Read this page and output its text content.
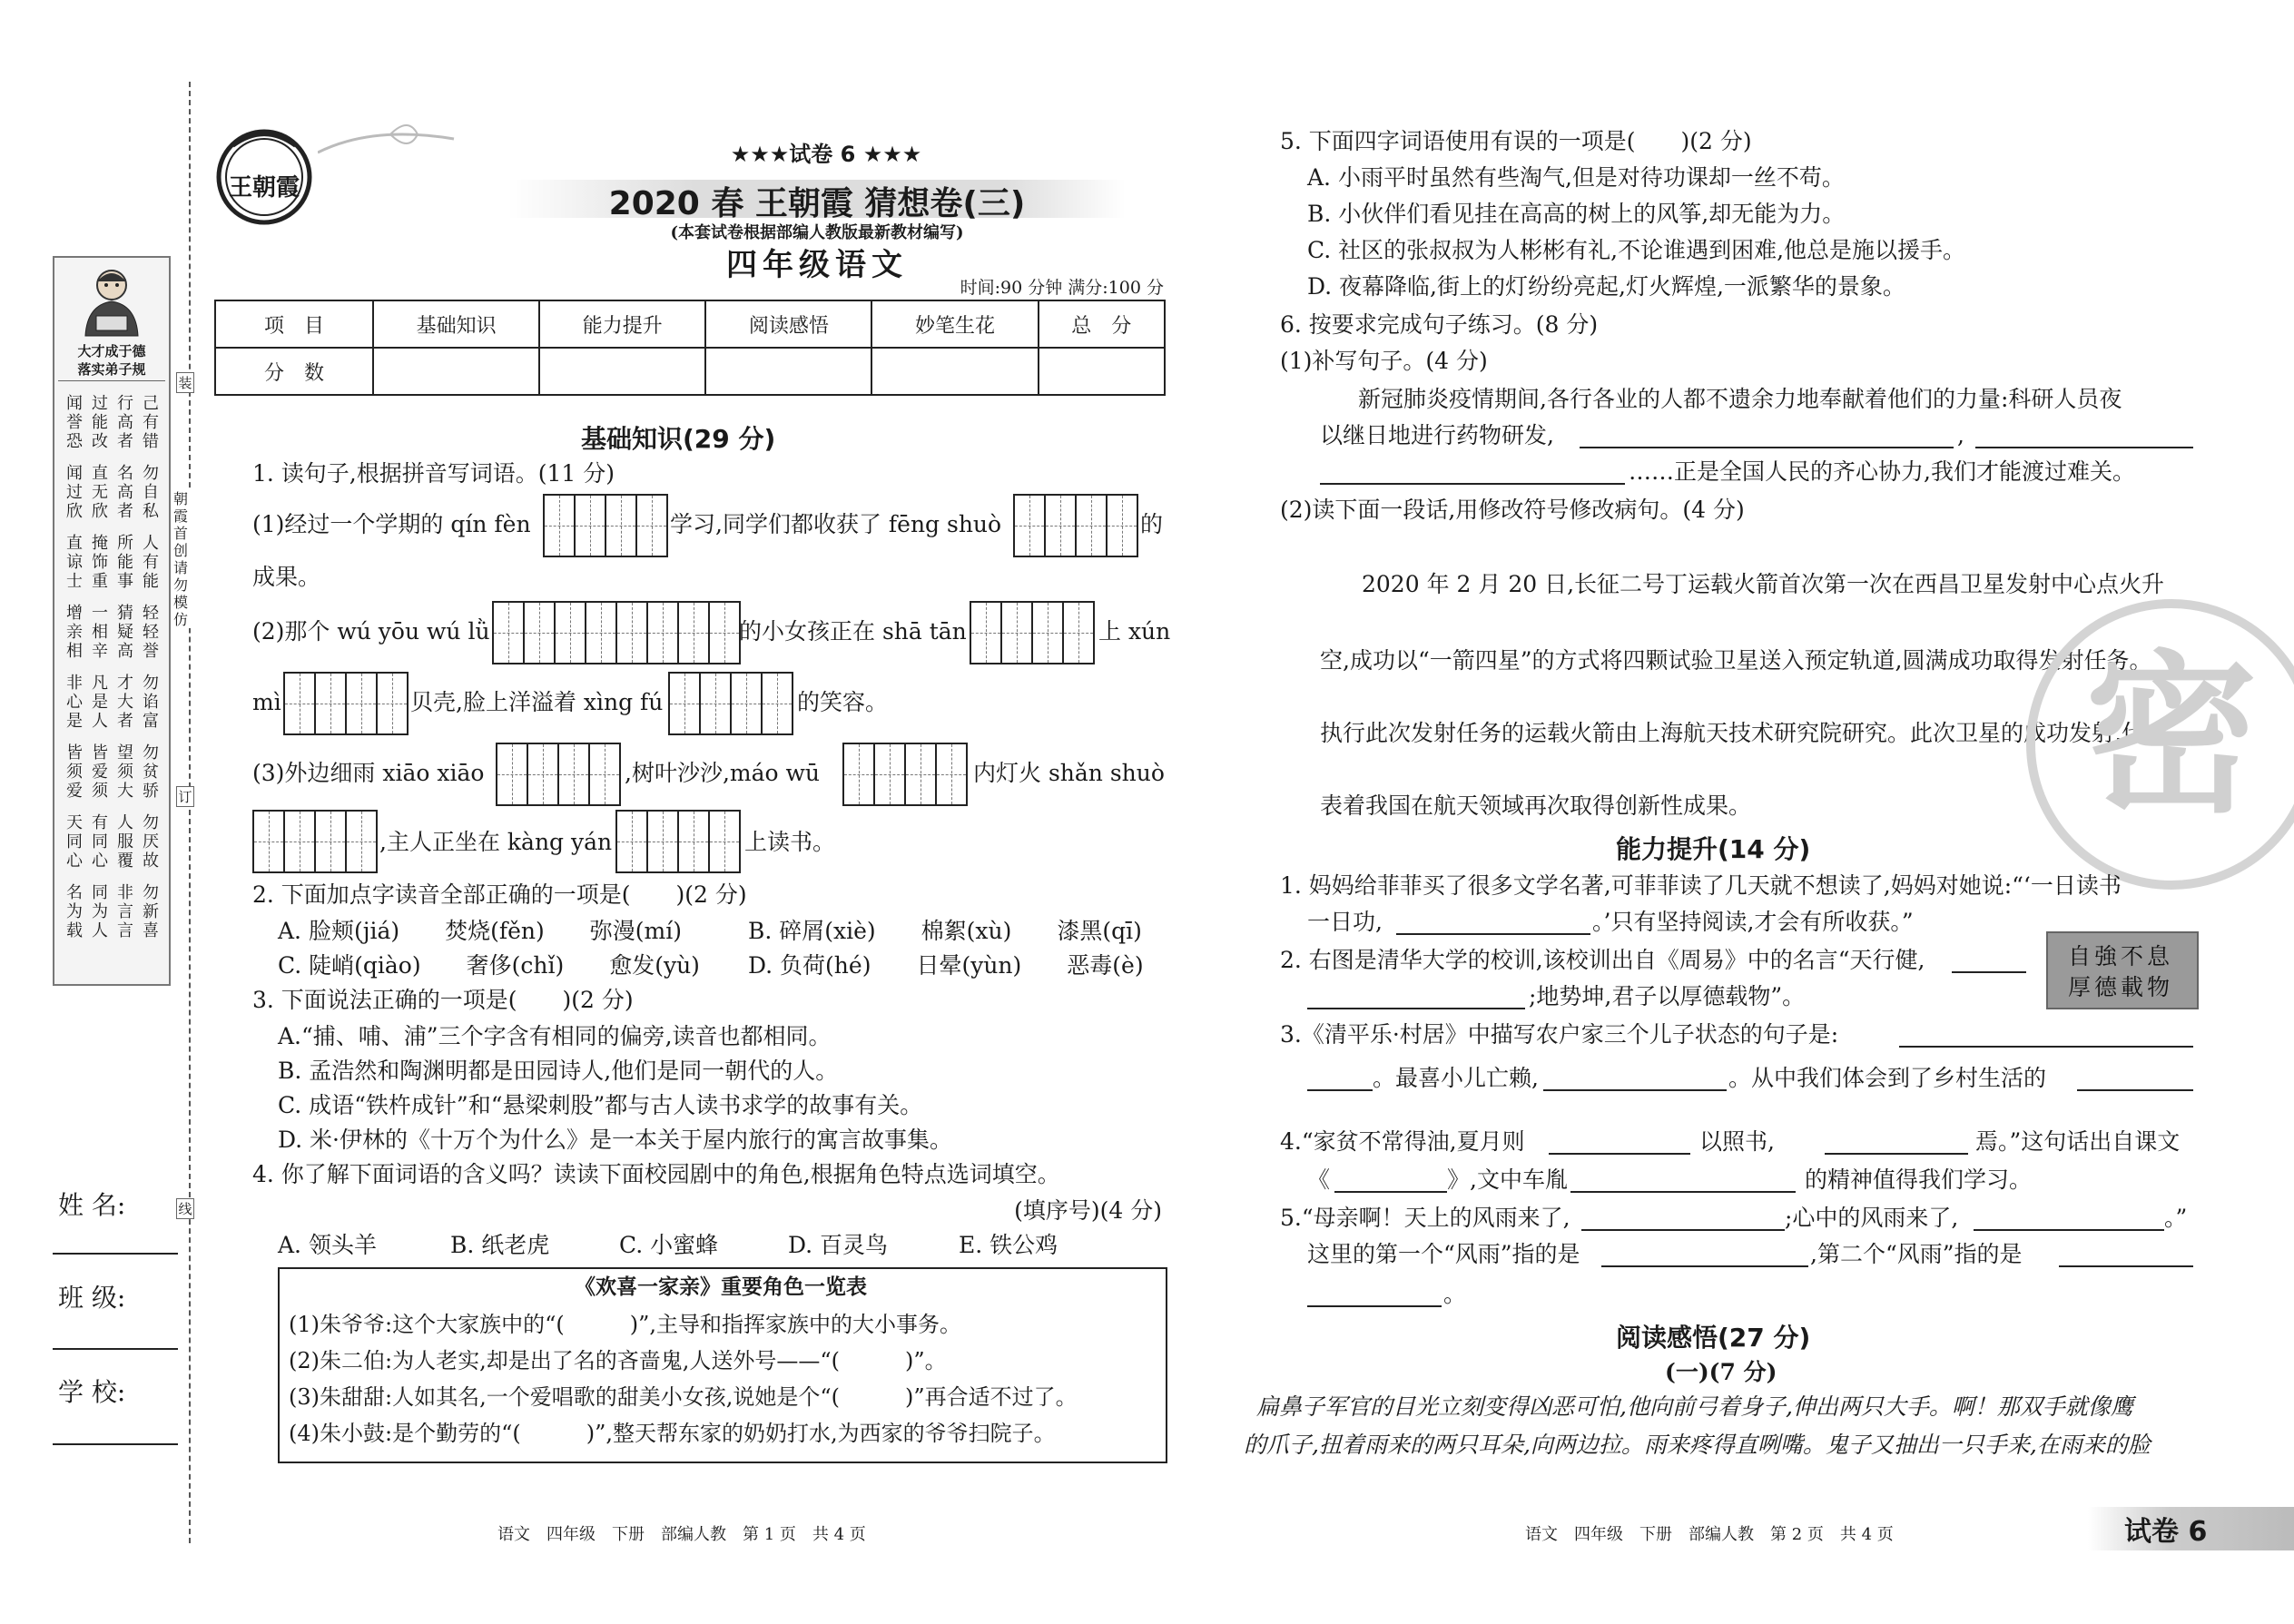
大才成于德
落实弟子规
闻誉恐
过能改
行高者
己有错
闻过欣
直无欣
名高者
勿自私
直谅士
掩饰重
所能事
人有能
增亲相
一相辛
猜疑高
轻轻誉
非心是
凡是人
才大者
勿谄富
皆须爱
皆爱须
望须大
勿贫骄
天同心
有同心
人服覆
勿厌故
名为载
同为人
非言言
勿新喜
装
朝霞首创 请勿模仿
订
线
姓 名:
班 级:
学 校:
王朝霞
★★★试卷 6 ★★★
2020 春 王朝霞 猜想卷(三)
(本套试卷根据部编人教版最新教材编写)
四年级语文
时间:90 分钟 满分:100 分
项　目	基础知识	能力提升	阅读感悟	妙笔生花	总　分
分　数					
基础知识(29 分)
1. 读句子,根据拼音写词语。(11 分)
(1)经过一个学期的 qín fèn	学习,同学们都收获了 fēng shuò	的
成果。
(2)那个 wú yōu wú lǜ	的小女孩正在 shā tān	上 xún
mì	贝壳,脸上洋溢着 xìng fú	的笑容。
(3)外边细雨 xiāo xiāo	,树叶沙沙,máo wū	内灯火 shǎn shuò
,主人正坐在 kàng yán	上读书。
2. 下面加点字读音全部正确的一项是(　　)(2 分)
A. 脸颊(jiá)　　焚烧(fěn)　　弥漫(mí)	B. 碎屑(xiè)　　棉絮(xù)　　漆黑(qī)
C. 陡峭(qiào)　　奢侈(chǐ)　　愈发(yù) D. 负荷(hé)　　日晕(yùn)　　恶毒(è)
3. 下面说法正确的一项是(　　)(2 分)
A.“捕、哺、浦”三个字含有相同的偏旁,读音也都相同。
B. 孟浩然和陶渊明都是田园诗人,他们是同一朝代的人。
C. 成语“铁杵成针”和“悬梁刺股”都与古人读书求学的故事有关。
D. 米·伊林的《十万个为什么》是一本关于屋内旅行的寓言故事集。
4. 你了解下面词语的含义吗？读读下面校园剧中的角色,根据角色特点选词填空。
(填序号)(4 分)
A. 领头羊	B. 纸老虎	C. 小蜜蜂	D. 百灵鸟	E. 铁公鸡
《欢喜一家亲》重要角色一览表
(1)朱爷爷:这个大家族中的“(　　　)”,主导和指挥家族中的大小事务。
(2)朱二伯:为人老实,却是出了名的吝啬鬼,人送外号——“(　　　)”。
(3)朱甜甜:人如其名,一个爱唱歌的甜美小女孩,说她是个“(　　　)”再合适不过了。
(4)朱小鼓:是个勤劳的“(　　　)”,整天帮东家的奶奶打水,为西家的爷爷扫院子。
语文　四年级　下册　部编人教　第 1 页　共 4 页
5. 下面四字词语使用有误的一项是(　　)(2 分)
A. 小雨平时虽然有些淘气,但是对待功课却一丝不苟。
B. 小伙伴们看见挂在高高的树上的风筝,却无能为力。
C. 社区的张叔叔为人彬彬有礼,不论谁遇到困难,他总是施以援手。
D. 夜幕降临,街上的灯纷纷亮起,灯火辉煌,一派繁华的景象。
6. 按要求完成句子练习。(8 分)
(1)补写句子。(4 分)
新冠肺炎疫情期间,各行各业的人都不遗余力地奉献着他们的力量:科研人员夜
以继日地进行药物研发,	,
……正是全国人民的齐心协力,我们才能渡过难关。
(2)读下面一段话,用修改符号修改病句。(4 分)
2020 年 2 月 20 日,长征二号丁运载火箭首次第一次在西昌卫星发射中心点火升
空,成功以“一箭四星”的方式将四颗试验卫星送入预定轨道,圆满成功取得发射任务。
执行此次发射任务的运载火箭由上海航天技术研究院研究。此次卫星的成功发射,代
表着我国在航天领域再次取得创新性成果。 密
能力提升(14 分)
1. 妈妈给菲菲买了很多文学名著,可菲菲读了几天就不想读了,妈妈对她说:“‘一日读书
一日功,	。’只有坚持阅读,才会有所收获。”
2. 右图是清华大学的校训,该校训出自《周易》中的名言“天行健,
;地势坤,君子以厚德载物”。
自強不息
厚德載物
3.《清平乐·村居》中描写农户家三个儿子状态的句子是:
。最喜小儿亡赖,	。从中我们体会到了乡村生活的
4.“家贫不常得油,夏月则	以照书,	焉。”这句话出自课文
《	》,文中车胤	的精神值得我们学习。
5.“母亲啊！天上的风雨来了,	;心中的风雨来了,	。”
这里的第一个“风雨”指的是	,第二个“风雨”指的是
。
阅读感悟(27 分)
(一)(7 分)
扁鼻子军官的目光立刻变得凶恶可怕,他向前弓着身子,伸出两只大手。啊！那双手就像鹰
的爪子,扭着雨来的两只耳朵,向两边拉。雨来疼得直咧嘴。鬼子又抽出一只手来,在雨来的脸
语文　四年级　下册　部编人教　第 2 页　共 4 页	试卷 6
